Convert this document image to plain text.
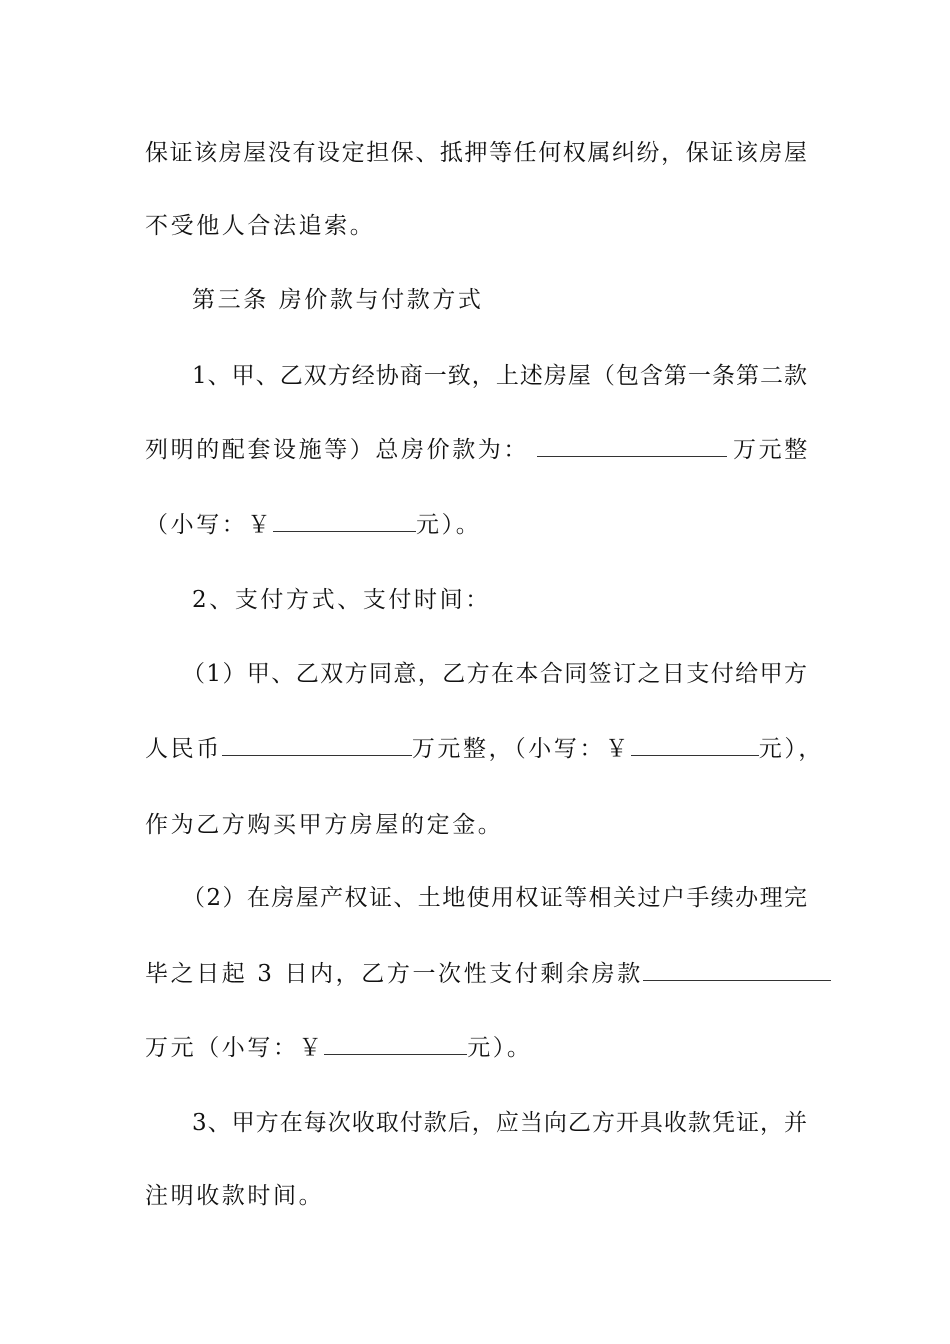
保证该房屋没有设定担保、抵押等任何权属纠纷，保证该房屋
不受他人合法追索。
第三条 房价款与付款方式
1、甲、乙双方经协商一致，上述房屋（包含第一条第二款
列明的配套设施等）总房价款为：	万元整
（小写：￥	元）。
2、支付方式、支付时间：
（1）甲、乙双方同意，乙方在本合同签订之日支付给甲方
人民币	万元整，（小写：￥	元），
作为乙方购买甲方房屋的定金。
（2）在房屋产权证、土地使用权证等相关过户手续办理完
毕之日起 3 日内，乙方一次性支付剩余房款
万元（小写：￥	元）。
3、甲方在每次收取付款后，应当向乙方开具收款凭证，并
注明收款时间。
